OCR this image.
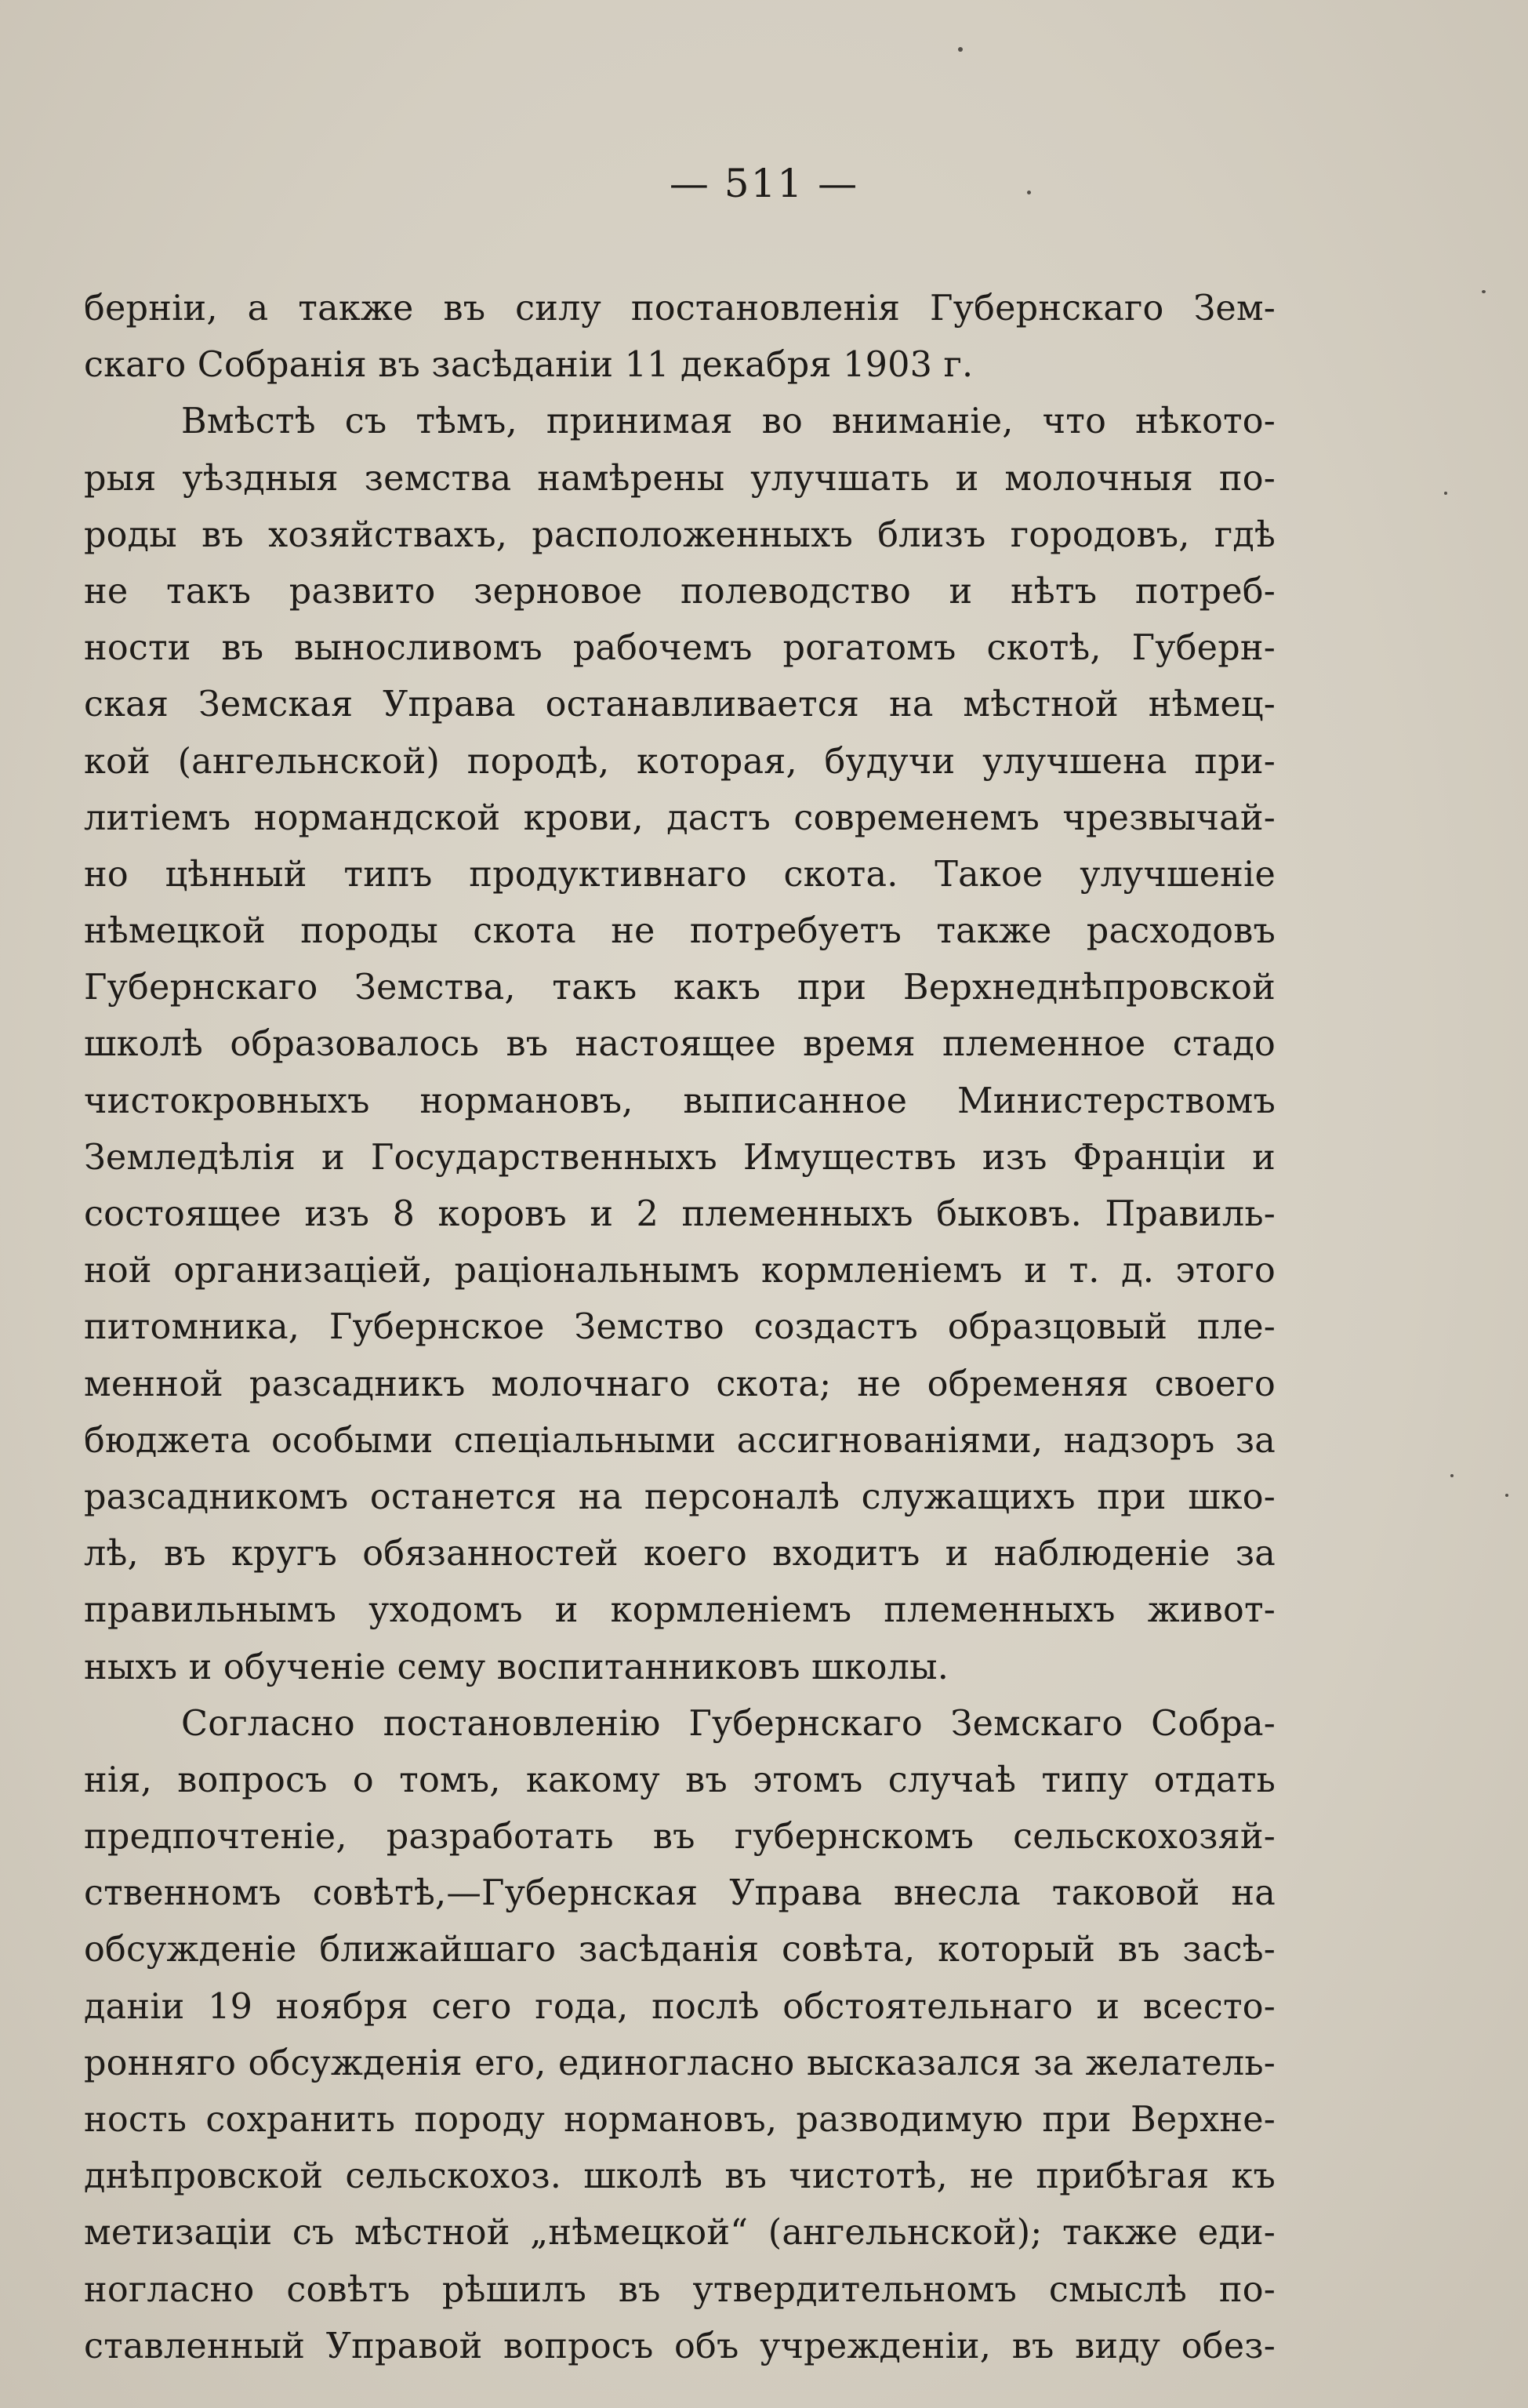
— 511 —
берніи, а также въ силу постановленія Губернскаго Зем-
скаго Собранія въ засѣданіи 11 декабря 1903 г.
Вмѣстѣ съ тѣмъ, принимая во вниманіе, что нѣкото-
рыя уѣздныя земства намѣрены улучшать и молочныя по-
роды въ хозяйствахъ, расположенныхъ близъ городовъ, гдѣ
не такъ развито зерновое полеводство и нѣтъ потреб-
ности въ выносливомъ рабочемъ рогатомъ скотѣ, Губерн-
ская Земская Управа останавливается на мѣстной нѣмец-
кой (ангельнской) породѣ, которая, будучи улучшена при-
литіемъ нормандской крови, дастъ современемъ чрезвычай-
но цѣнный типъ продуктивнаго скота. Такое улучшеніе
нѣмецкой породы скота не потребуетъ также расходовъ
Губернскаго Земства, такъ какъ при Верхнеднѣпровской
школѣ образовалось въ настоящее время племенное стадо
чистокровныхъ нормановъ, выписанное Министерствомъ
Земледѣлія и Государственныхъ Имуществъ изъ Франціи и
состоящее изъ 8 коровъ и 2 племенныхъ быковъ. Правиль-
ной организаціей, раціональнымъ кормленіемъ и т. д. этого
питомника, Губернское Земство создастъ образцовый пле-
менной разсадникъ молочнаго скота; не обременяя своего
бюджета особыми спеціальными ассигнованіями, надзоръ за
разсадникомъ останется на персоналѣ служащихъ при шко-
лѣ, въ кругъ обязанностей коего входитъ и наблюденіе за
правильнымъ уходомъ и кормленіемъ племенныхъ живот-
ныхъ и обученіе сему воспитанниковъ школы.
Согласно постановленію Губернскаго Земскаго Собра-
нія, вопросъ о томъ, какому въ этомъ случаѣ типу отдать
предпочтеніе, разработать въ губернскомъ сельскохозяй-
ственномъ совѣтѣ,—Губернская Управа внесла таковой на
обсужденіе ближайшаго засѣданія совѣта, который въ засѣ-
даніи 19 ноября сего года, послѣ обстоятельнаго и всесто-
ронняго обсужденія его, единогласно высказался за желатель-
ность сохранить породу нормановъ, разводимую при Верхне-
днѣпровской сельскохоз. школѣ въ чистотѣ, не прибѣгая къ
метизаціи съ мѣстной „нѣмецкой“ (ангельнской); также еди-
ногласно совѣтъ рѣшилъ въ утвердительномъ смыслѣ по-
ставленный Управой вопросъ объ учрежденіи, въ виду обез-
